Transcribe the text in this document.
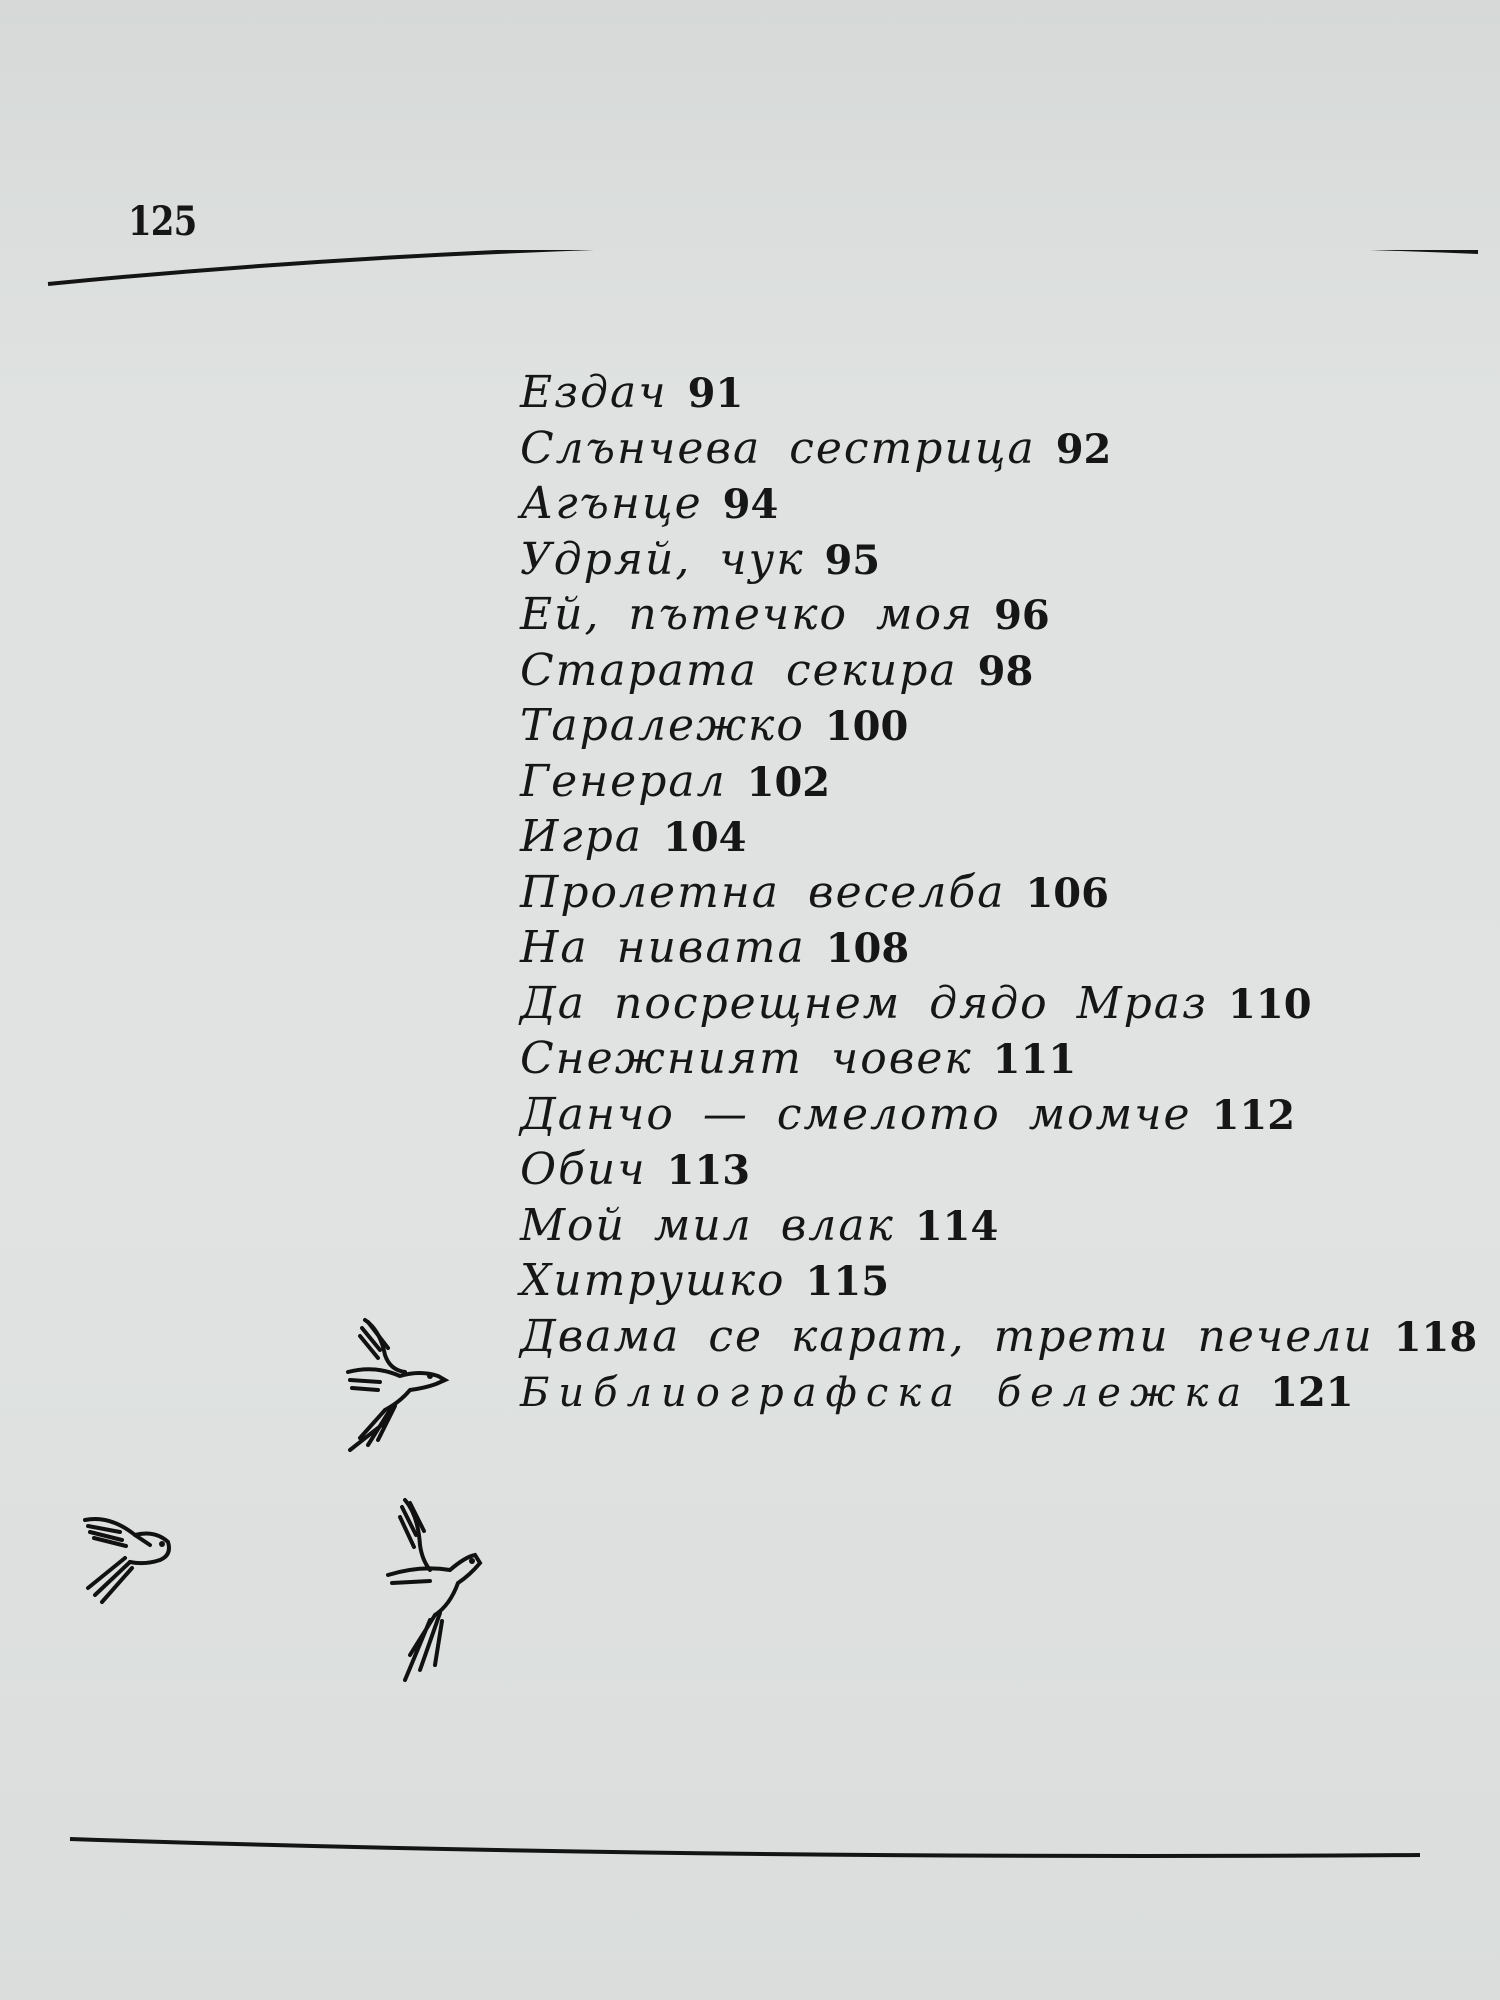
125
Ездач 91
Слънчева сестрица 92
Агънце 94
Удряй, чук 95
Ей, пътечко моя 96
Старата секира 98
Таралежко 100
Генерал 102
Игра 104
Пролетна веселба 106
На нивата 108
Да посрещнем дядо Мраз 110
Снежният човек 111
Данчо — смелото момче 112
Обич 113
Мой мил влак 114
Хитрушко 115
Двама се карат, трети печели 118
Библиографска бележка 121
